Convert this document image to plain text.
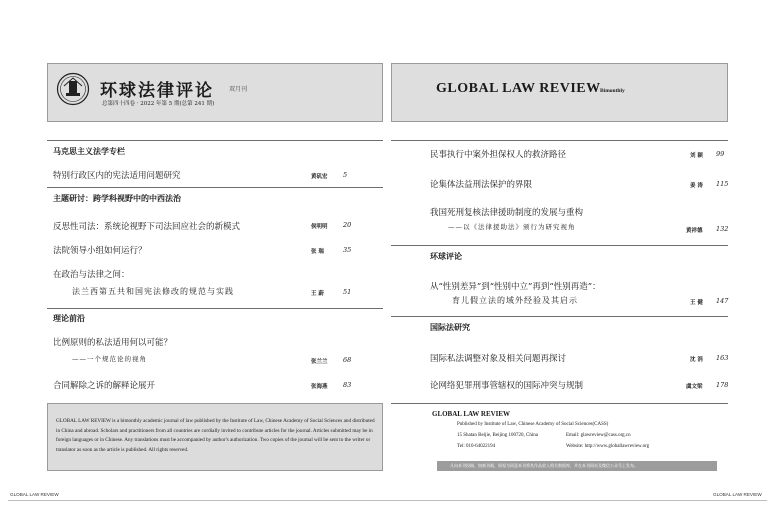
环球法律评论	双月刊
总第四十四卷 · 2022 年第 5 期(总第 241 期)
马克思主义法学专栏
特别行政区内的宪法适用问题研究	黄矶宏 5
主题研讨：跨学科视野中的中西法治
反思性司法：系统论视野下司法回应社会的新模式	侯明明 20
法院领导小组如何运行？	张 瑞	35
在政治与法律之间：
法兰西第五共和国宪法修改的规范与实践	王 蔚	51
理论前沿
比例原则的私法适用何以可能？
——一个规范论的视角	张兰兰 68
合同解除之诉的解释论展开	张海燕 83
GLOBAL LAW REVIEW is a bimonthly academic journal of law published by the Institute of Law, Chinese Academy of Social Sciences and distributed in China and abroad. Scholars and practitioners from all countries are cordially invited to contribute articles for the journal. Articles submitted may be in foreign languages or in Chinese. Any translations must be accompanied by author's authorization. Two copies of the journal will be sent to the writer or translator as soon as the article is published. All rights reserved.
GLOBAL LAW REVIEW Bimonthly
民事执行中案外担保权人的救济路径	刘 颖 99
论集体法益刑法保护的界限	姜 涛 115
我国死刑复核法律援助制度的发展与重构
——以《法律援助法》颁行为研究视角	黄祥德 132
环球评论
从“性别差异”到“性别中立”再到“性别再造”：
育儿假立法的域外经验及其启示	王 健 147
国际法研究
国际私法调整对象及相关问题再探讨	沈 涓 163
论网络犯罪刑事管辖权的国际冲突与规制	虞文梁 178
GLOBAL LAW REVIEW
Published by Institute of Law, Chinese Academy of Social Sciences(CASS)
15 Shatan Beijie, Beijing 100720, China	Email: glawreview@cass.org.cn
Tel: 010-64022194	Website: http://www.globallawreview.org
凡向本刊投稿，如被刊载，即视为同意本刊将其作品收入相关数据库，并在本刊网站及微信公众号上发布。
GLOBAL LAW REVIEW	GLOBAL LAW REVIEW
